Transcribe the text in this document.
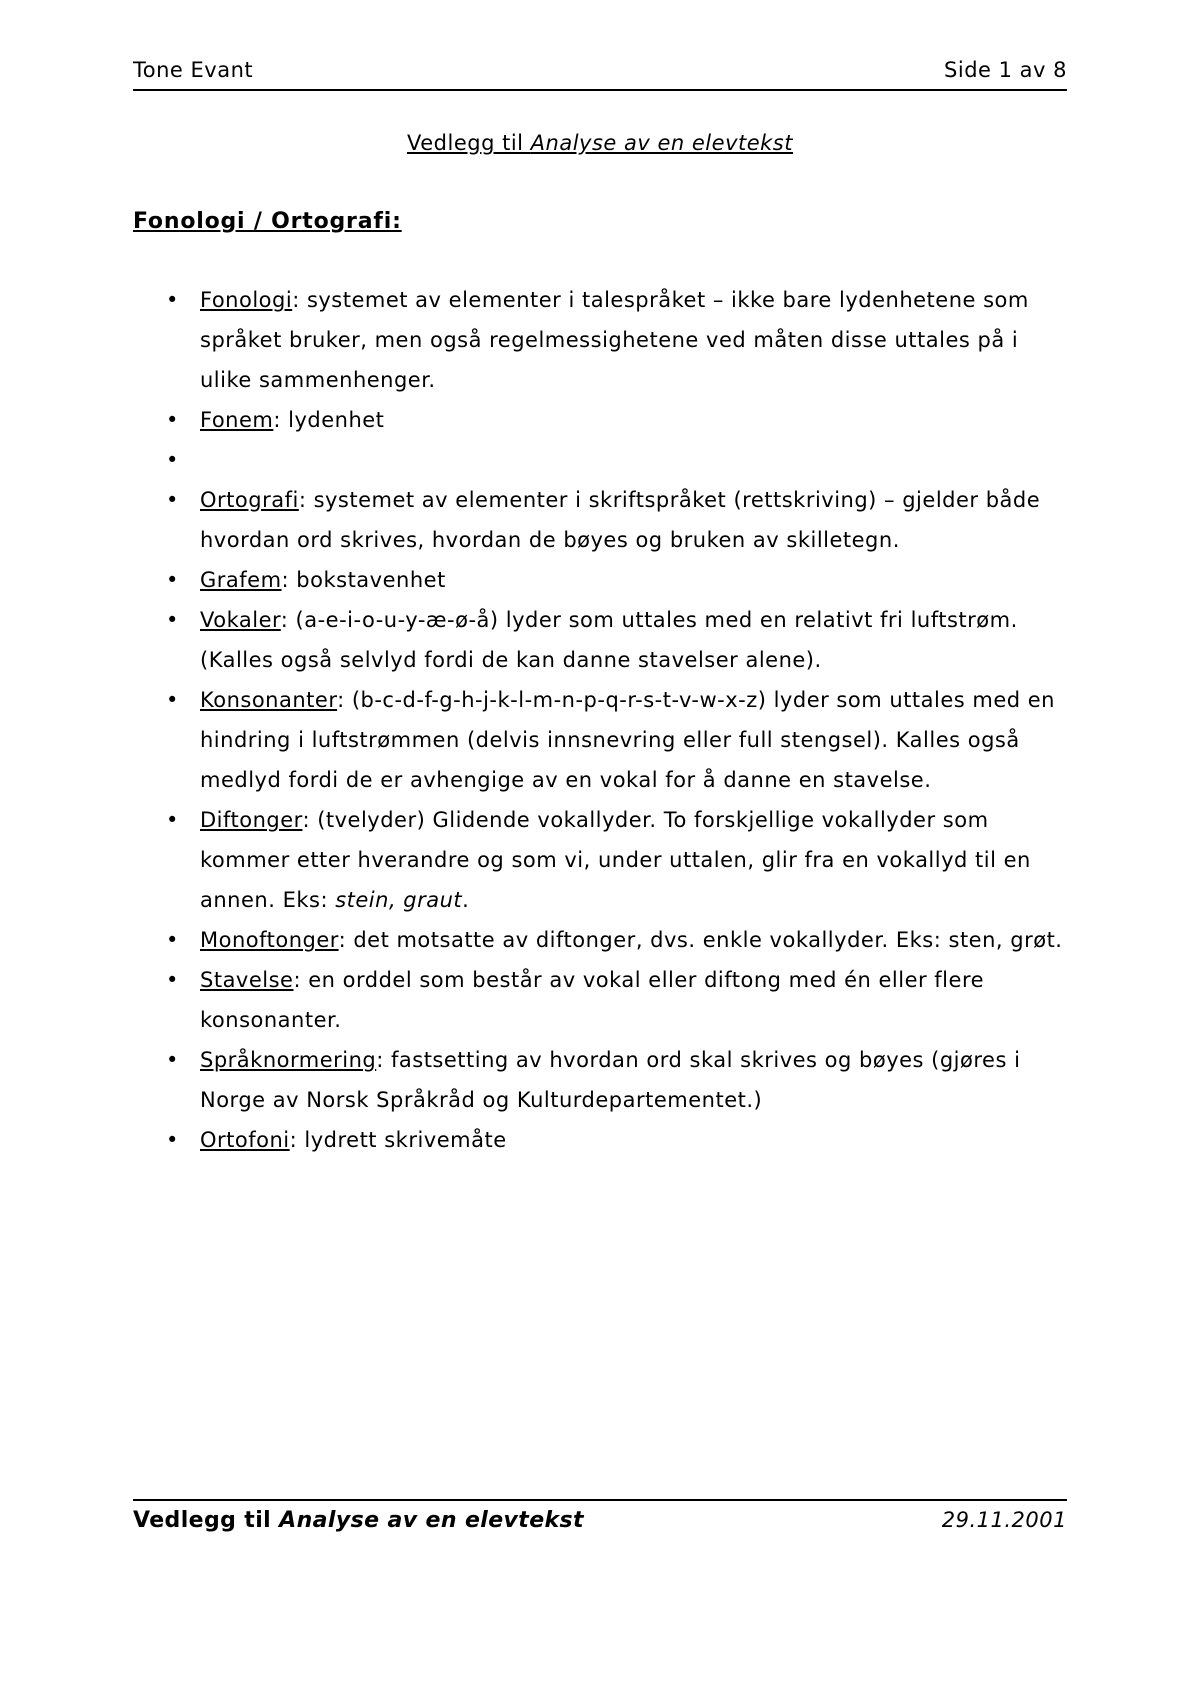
Tone Evant	Side 1 av 8
Vedlegg til Analyse av en elevtekst
Fonologi / Ortografi:
• Fonologi: systemet av elementer i talespråket – ikke bare lydenhetene som språket bruker, men også regelmessighetene ved måten disse uttales på i ulike sammenhenger.
• Fonem: lydenhet
•
• Ortografi: systemet av elementer i skriftspråket (rettskriving) – gjelder både hvordan ord skrives, hvordan de bøyes og bruken av skilletegn.
• Grafem: bokstavenhet
• Vokaler: (a-e-i-o-u-y-æ-ø-å) lyder som uttales med en relativt fri luftstrøm. (Kalles også selvlyd fordi de kan danne stavelser alene).
• Konsonanter: (b-c-d-f-g-h-j-k-l-m-n-p-q-r-s-t-v-w-x-z) lyder som uttales med en hindring i luftstrømmen (delvis innsnevring eller full stengsel). Kalles også medlyd fordi de er avhengige av en vokal for å danne en stavelse.
• Diftonger: (tvelyder) Glidende vokallyder. To forskjellige vokallyder som kommer etter hverandre og som vi, under uttalen, glir fra en vokallyd til en annen. Eks: stein, graut.
• Monoftonger: det motsatte av diftonger, dvs. enkle vokallyder. Eks: sten, grøt.
• Stavelse: en orddel som består av vokal eller diftong med én eller flere konsonanter.
• Språknormering: fastsetting av hvordan ord skal skrives og bøyes (gjøres i Norge av Norsk Språkråd og Kulturdepartementet.)
• Ortofoni: lydrett skrivemåte
Vedlegg til Analyse av en elevtekst	29.11.2001
